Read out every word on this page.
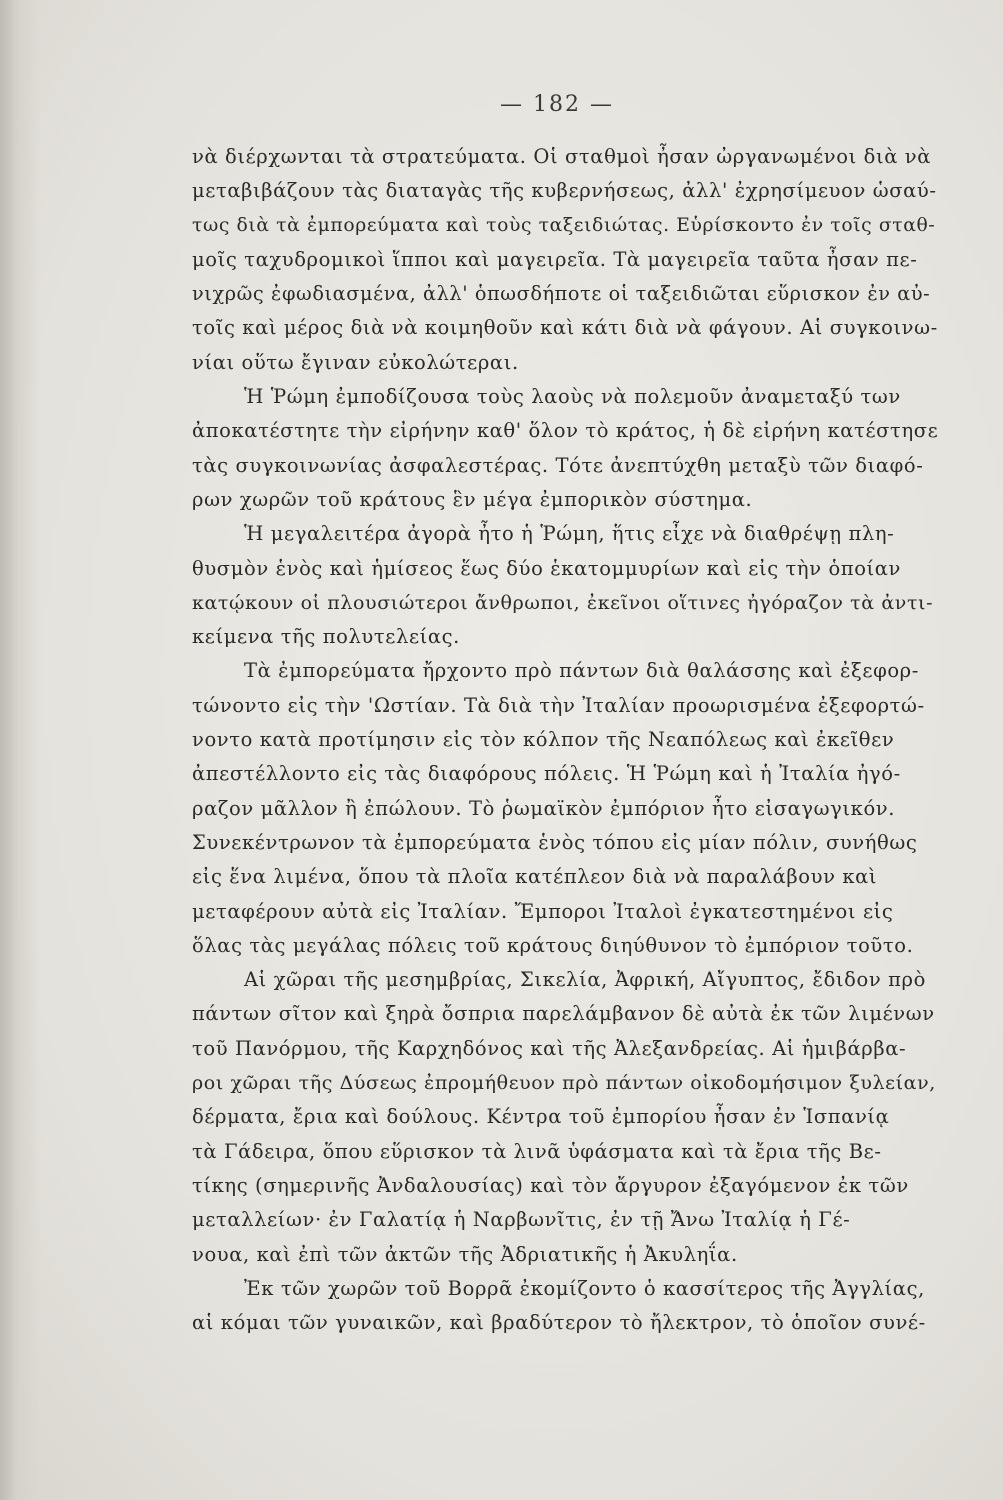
— 182 —
νὰ διέρχωνται τὰ στρατεύματα. Οἱ σταθμοὶ ἦσαν ὠργανωμένοι διὰ νὰ
μεταβιβάζουν τὰς διαταγὰς τῆς κυβερνήσεως, ἀλλ' ἐχρησίμευον ὡσαύ-
τως διὰ τὰ ἐμπορεύματα καὶ τοὺς ταξειδιώτας. Εὑρίσκοντο ἐν τοῖς σταθ-
μοῖς ταχυδρομικοὶ ἵπποι καὶ μαγειρεῖα. Τὰ μαγειρεῖα ταῦτα ἦσαν πε-
νιχρῶς ἐφωδιασμένα, ἀλλ' ὁπωσδήποτε οἱ ταξειδιῶται εὕρισκον ἐν αὐ-
τοῖς καὶ μέρος διὰ νὰ κοιμηθοῦν καὶ κάτι διὰ νὰ φάγουν. Αἱ συγκοινω-
νίαι οὕτω ἔγιναν εὐκολώτεραι.
Ἡ Ῥώμη ἐμποδίζουσα τοὺς λαοὺς νὰ πολεμοῦν ἀναμεταξύ των
ἀποκατέστητε τὴν εἰρήνην καθ' ὅλον τὸ κράτος, ἡ δὲ εἰρήνη κατέστησε
τὰς συγκοινωνίας ἀσφαλεστέρας. Τότε ἀνεπτύχθη μεταξὺ τῶν διαφό-
ρων χωρῶν τοῦ κράτους ἓν μέγα ἐμπορικὸν σύστημα.
Ἡ μεγαλειτέρα ἀγορὰ ἦτο ἡ Ῥώμη, ἥτις εἶχε νὰ διαθρέψῃ πλη-
θυσμὸν ἑνὸς καὶ ἡμίσεος ἕως δύο ἑκατομμυρίων καὶ εἰς τὴν ὁποίαν
κατῴκουν οἱ πλουσιώτεροι ἄνθρωποι, ἐκεῖνοι οἵτινες ἠγόραζον τὰ ἀντι-
κείμενα τῆς πολυτελείας.
Τὰ ἐμπορεύματα ἤρχοντο πρὸ πάντων διὰ θαλάσσης καὶ ἐξεφορ-
τώνοντο εἰς τὴν 'Ωστίαν. Τὰ διὰ τὴν Ἰταλίαν προωρισμένα ἐξεφορτώ-
νοντο κατὰ προτίμησιν εἰς τὸν κόλπον τῆς Νεαπόλεως καὶ ἐκεῖθεν
ἀπεστέλλοντο εἰς τὰς διαφόρους πόλεις. Ἡ Ῥώμη καὶ ἡ Ἰταλία ἠγό-
ραζον μᾶλλον ἢ ἐπώλουν. Τὸ ῥωμαϊκὸν ἐμπόριον ἦτο εἰσαγωγικόν.
Συνεκέντρωνον τὰ ἐμπορεύματα ἑνὸς τόπου εἰς μίαν πόλιν, συνήθως
εἰς ἕνα λιμένα, ὅπου τὰ πλοῖα κατέπλεον διὰ νὰ παραλάβουν καὶ
μεταφέρουν αὐτὰ εἰς Ἰταλίαν. Ἔμποροι Ἰταλοὶ ἐγκατεστημένοι εἰς
ὅλας τὰς μεγάλας πόλεις τοῦ κράτους διηύθυνον τὸ ἐμπόριον τοῦτο.
Αἱ χῶραι τῆς μεσημβρίας, Σικελία, Ἀφρική, Αἴγυπτος, ἔδιδον πρὸ
πάντων σῖτον καὶ ξηρὰ ὄσπρια παρελάμβανον δὲ αὐτὰ ἐκ τῶν λιμένων
τοῦ Πανόρμου, τῆς Καρχηδόνος καὶ τῆς Ἀλεξανδρείας. Αἱ ἡμιβάρβα-
ροι χῶραι τῆς Δύσεως ἐπρομήθευον πρὸ πάντων οἰκοδομήσιμον ξυλείαν,
δέρματα, ἔρια καὶ δούλους. Κέντρα τοῦ ἐμπορίου ἦσαν ἐν Ἱσπανίᾳ
τὰ Γάδειρα, ὅπου εὕρισκον τὰ λινᾶ ὑφάσματα καὶ τὰ ἔρια τῆς Βε-
τίκης (σημερινῆς Ἀνδαλουσίας) καὶ τὸν ἄργυρον ἐξαγόμενον ἐκ τῶν
μεταλλείων· ἐν Γαλατίᾳ ἡ Ναρβωνῖτις, ἐν τῇ Ἄνω Ἰταλίᾳ ἡ Γέ-
νουα, καὶ ἐπὶ τῶν ἀκτῶν τῆς Ἀδριατικῆς ἡ Ἀκυληΐα.
Ἐκ τῶν χωρῶν τοῦ Βορρᾶ ἐκομίζοντο ὁ κασσίτερος τῆς Ἀγγλίας,
αἱ κόμαι τῶν γυναικῶν, καὶ βραδύτερον τὸ ἤλεκτρον, τὸ ὁποῖον συνέ-
